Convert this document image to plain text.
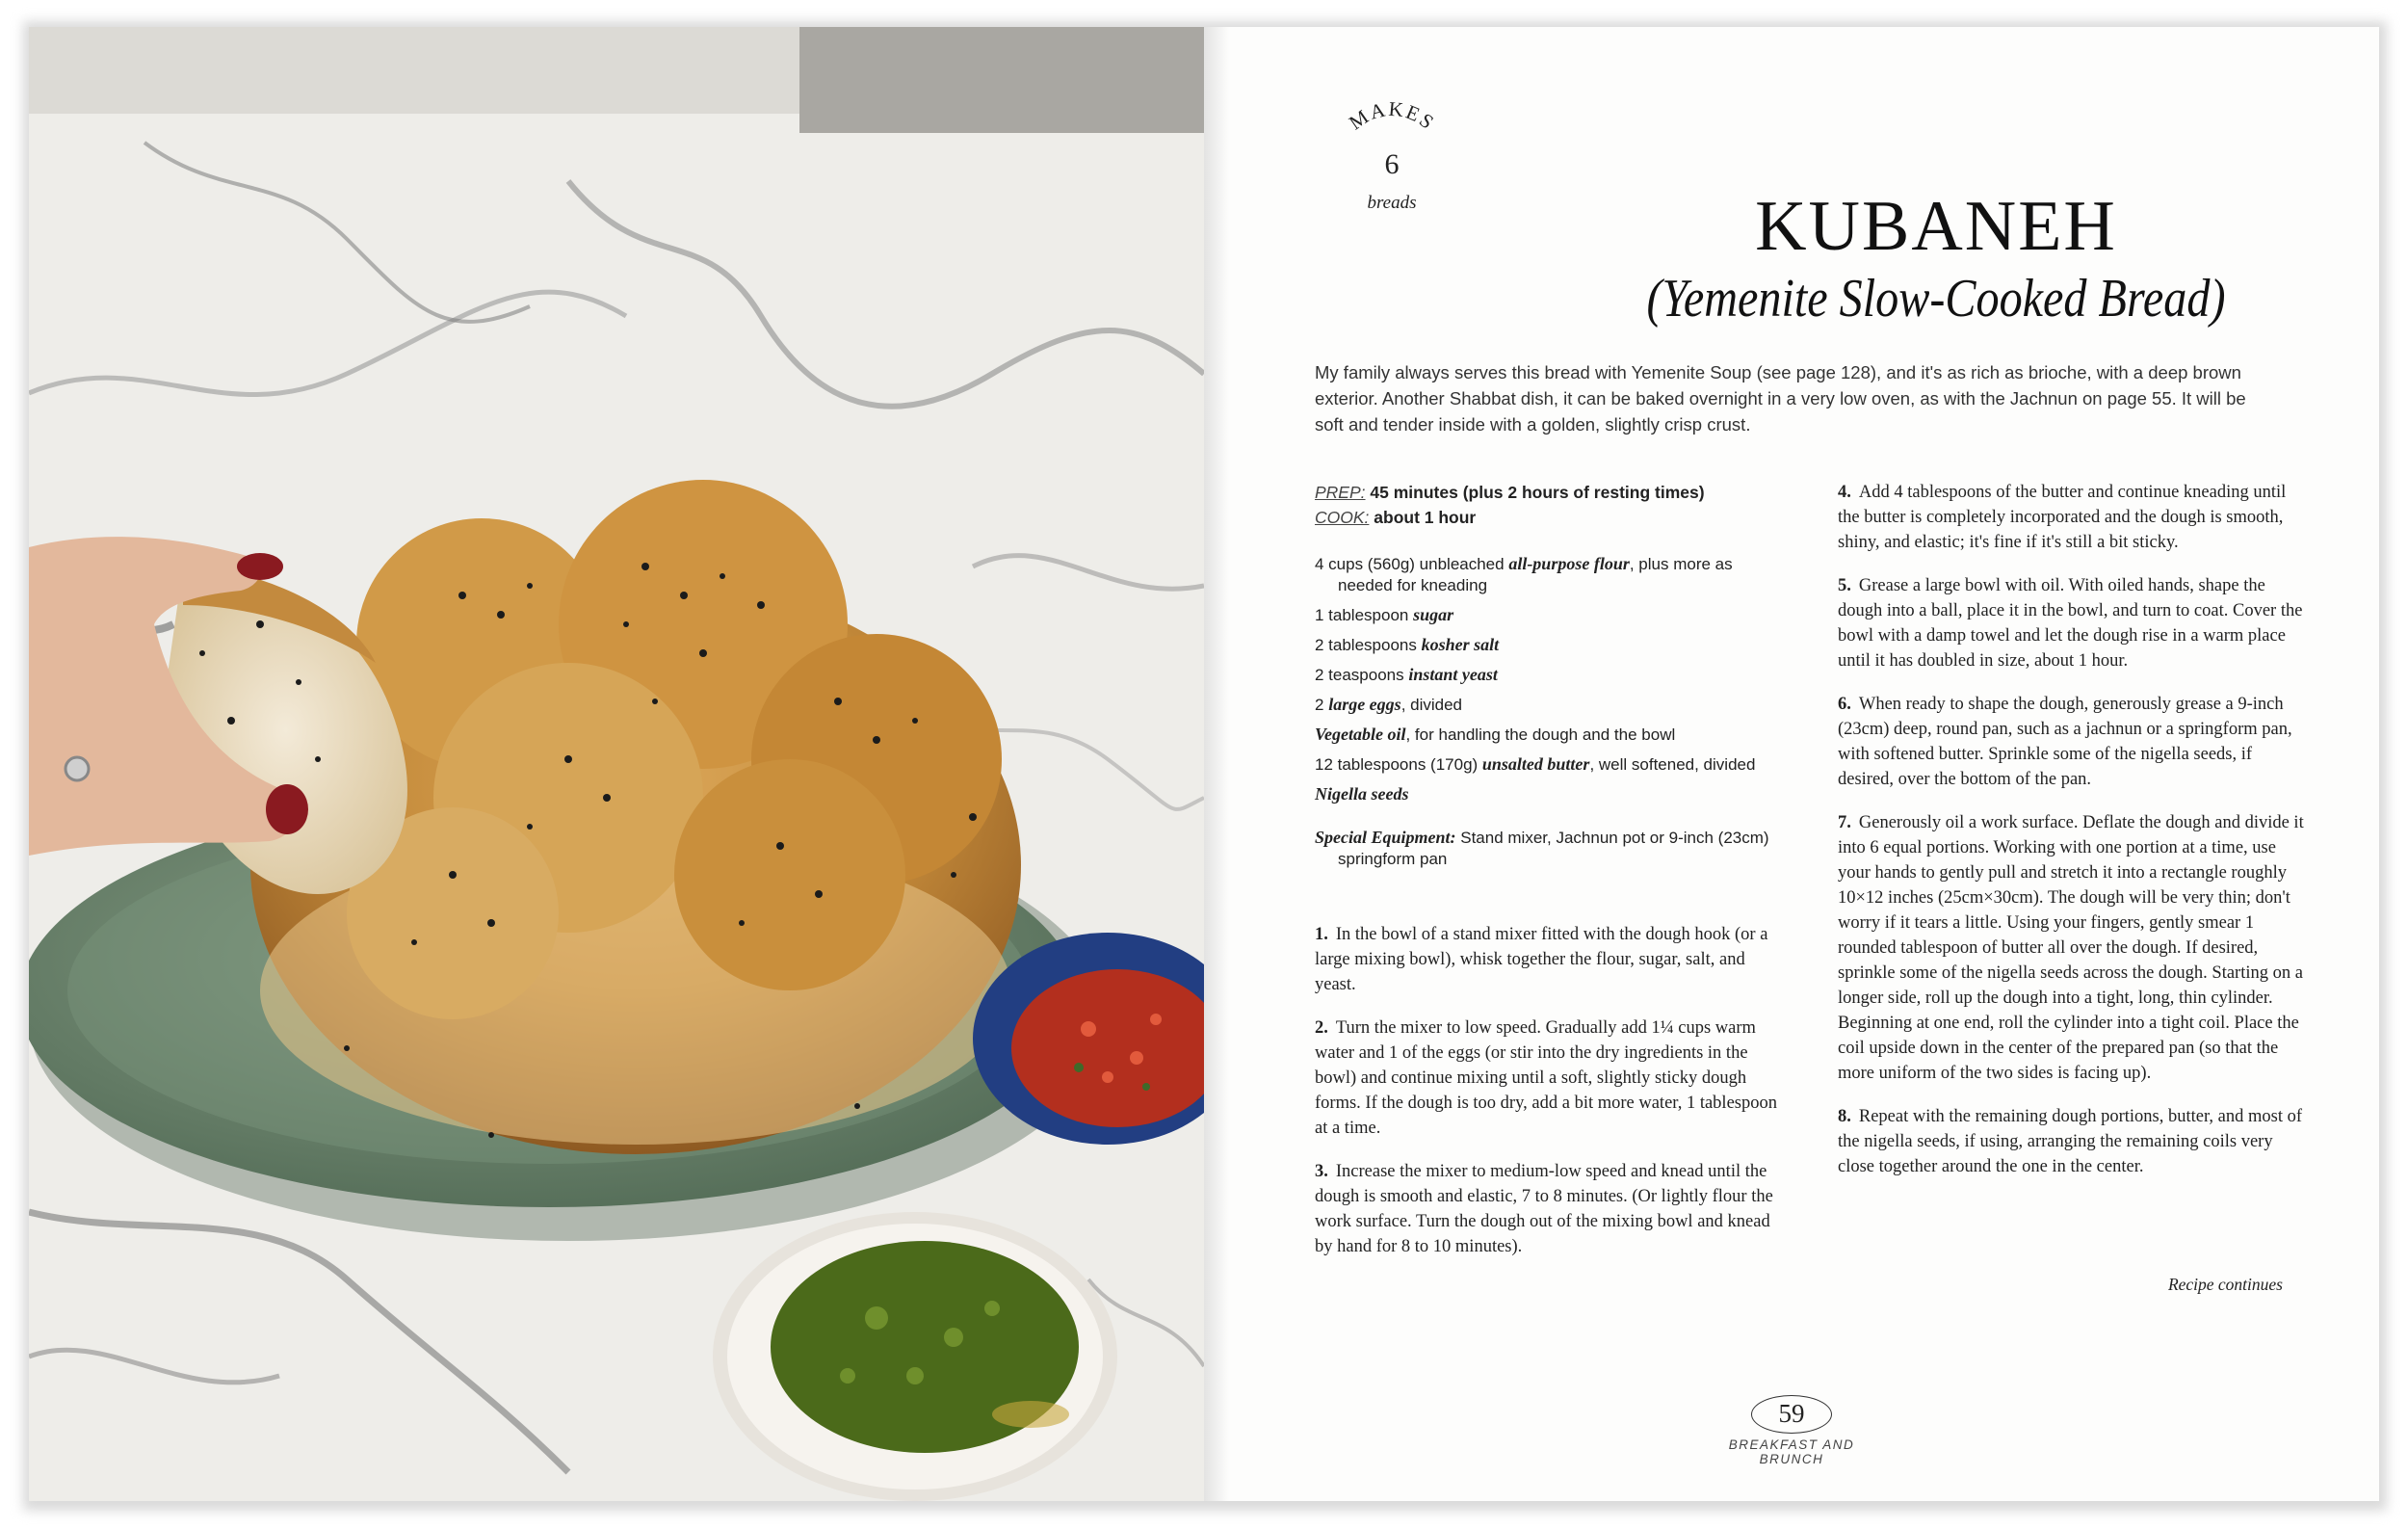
MAKES
6
breads	KUBANEH
(Yemenite Slow-Cooked Bread)

My family always serves this bread with Yemenite Soup (see page 128), and it's as rich as brioche, with a deep brown exterior. Another Shabbat dish, it can be baked overnight in a very low oven, as with the Jachnun on page 55. It will be soft and tender inside with a golden, slightly crisp crust.

PREP: 45 minutes (plus 2 hours of resting times)
COOK: about 1 hour
4 cups (560g) unbleached all-purpose flour, plus more as needed for kneading
1 tablespoon sugar
2 tablespoons kosher salt
2 teaspoons instant yeast
2 large eggs, divided
Vegetable oil, for handling the dough and the bowl
12 tablespoons (170g) unsalted butter, well softened, divided
Nigella seeds
Special Equipment: Stand mixer, Jachnun pot or 9-inch (23cm) springform pan
1. In the bowl of a stand mixer fitted with the dough hook (or a large mixing bowl), whisk together the flour, sugar, salt, and yeast.
2. Turn the mixer to low speed. Gradually add 1¼ cups warm water and 1 of the eggs (or stir into the dry ingredients in the bowl) and continue mixing until a soft, slightly sticky dough forms. If the dough is too dry, add a bit more water, 1 tablespoon at a time.
3. Increase the mixer to medium-low speed and knead until the dough is smooth and elastic, 7 to 8 minutes. (Or lightly flour the work surface. Turn the dough out of the mixing bowl and knead by hand for 8 to 10 minutes).
4. Add 4 tablespoons of the butter and continue kneading until the butter is completely incorporated and the dough is smooth, shiny, and elastic; it's fine if it's still a bit sticky.
5. Grease a large bowl with oil. With oiled hands, shape the dough into a ball, place it in the bowl, and turn to coat. Cover the bowl with a damp towel and let the dough rise in a warm place until it has doubled in size, about 1 hour.
6. When ready to shape the dough, generously grease a 9-inch (23cm) deep, round pan, such as a jachnun or a springform pan, with softened butter. Sprinkle some of the nigella seeds, if desired, over the bottom of the pan.
7. Generously oil a work surface. Deflate the dough and divide it into 6 equal portions. Working with one portion at a time, use your hands to gently pull and stretch it into a rectangle roughly 10×12 inches (25cm×30cm). The dough will be very thin; don't worry if it tears a little. Using your fingers, gently smear 1 rounded tablespoon of butter all over the dough. If desired, sprinkle some of the nigella seeds across the dough. Starting on a longer side, roll up the dough into a tight, long, thin cylinder. Beginning at one end, roll the cylinder into a tight coil. Place the coil upside down in the center of the prepared pan (so that the more uniform of the two sides is facing up).
8. Repeat with the remaining dough portions, butter, and most of the nigella seeds, if using, arranging the remaining coils very close together around the one in the center.
Recipe continues
59
BREAKFAST AND BRUNCH
